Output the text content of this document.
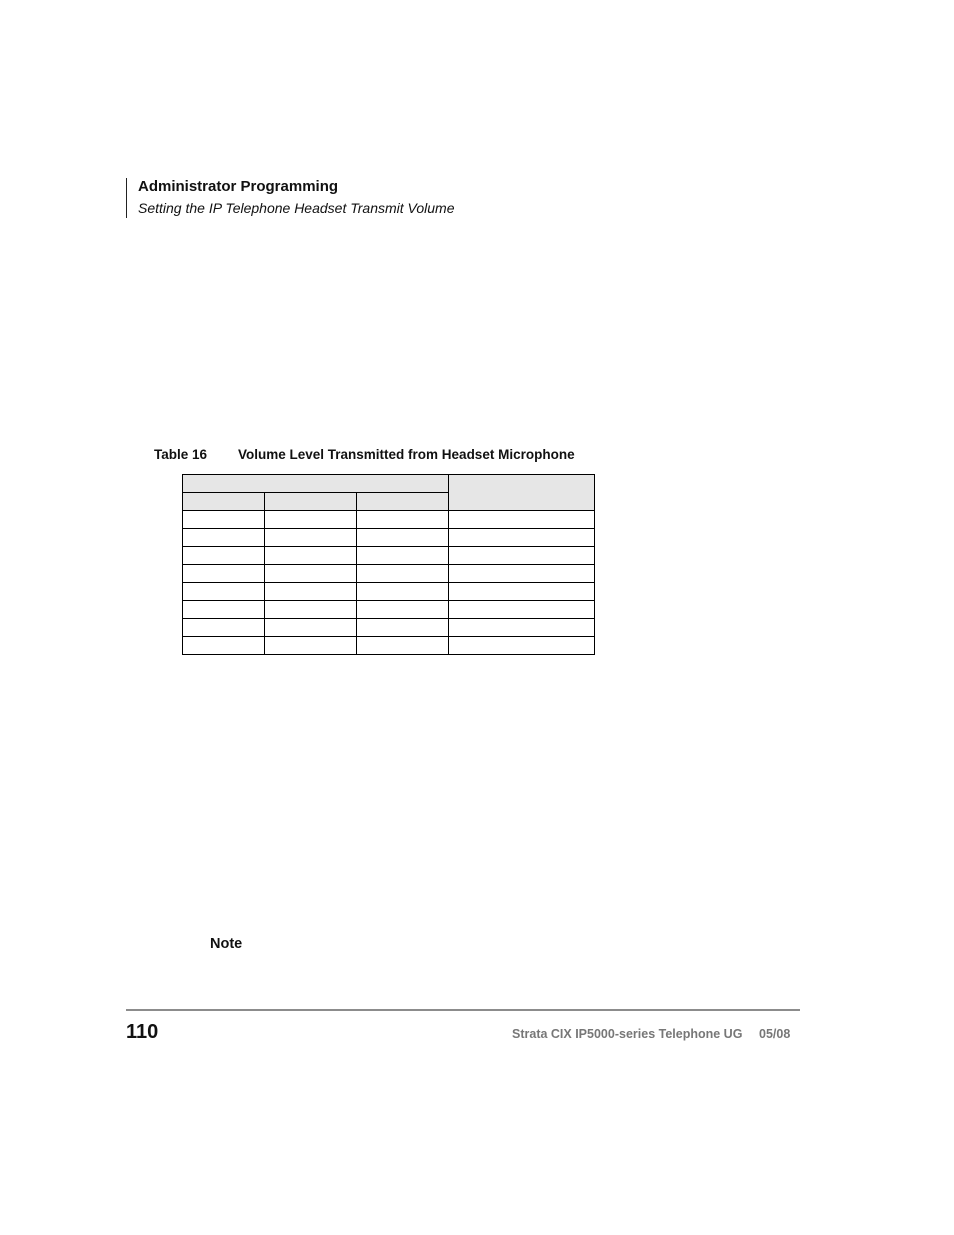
Administrator Programming
Setting the IP Telephone Headset Transmit Volume
Table 16 Volume Level Transmitted from Headset Microphone

Note
110	Strata CIX IP5000-series Telephone UG 05/08
